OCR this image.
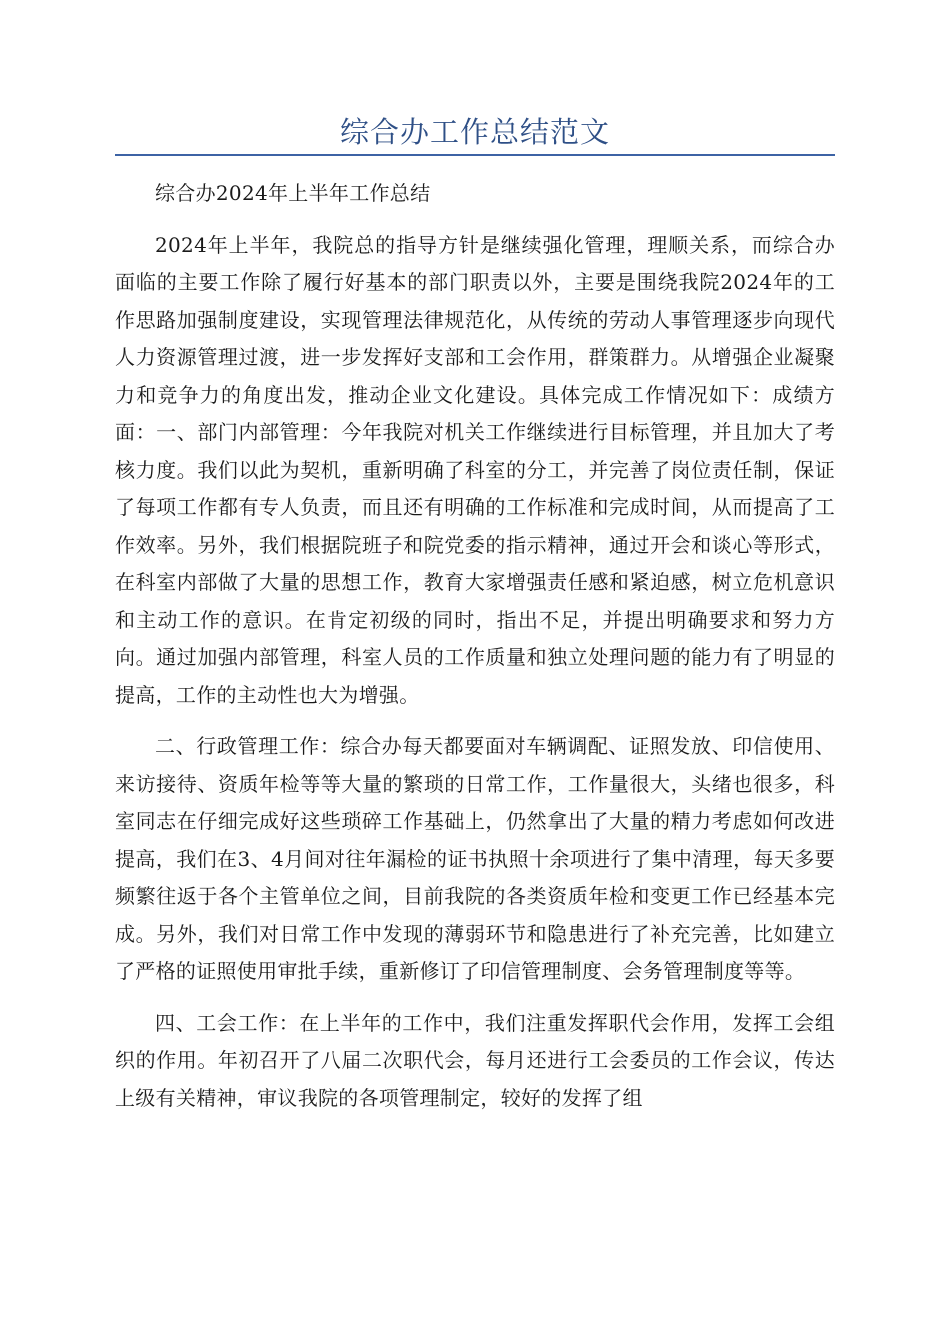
综合办工作总结范文

综合办2024年上半年工作总结

2024年上半年，我院总的指导方针是继续强化管理，理顺关系，而综合办面临的主要工作除了履行好基本的部门职责以外，主要是围绕我院2024年的工作思路加强制度建设，实现管理法律规范化，从传统的劳动人事管理逐步向现代人力资源管理过渡，进一步发挥好支部和工会作用，群策群力。从增强企业凝聚力和竞争力的角度出发，推动企业文化建设。具体完成工作情况如下：成绩方面：一、部门内部管理：今年我院对机关工作继续进行目标管理，并且加大了考核力度。我们以此为契机，重新明确了科室的分工，并完善了岗位责任制，保证了每项工作都有专人负责，而且还有明确的工作标准和完成时间，从而提高了工作效率。另外，我们根据院班子和院党委的指示精神，通过开会和谈心等形式，在科室内部做了大量的思想工作，教育大家增强责任感和紧迫感，树立危机意识和主动工作的意识。在肯定初级的同时，指出不足，并提出明确要求和努力方向。通过加强内部管理，科室人员的工作质量和独立处理问题的能力有了明显的提高，工作的主动性也大为增强。

二、行政管理工作：综合办每天都要面对车辆调配、证照发放、印信使用、来访接待、资质年检等等大量的繁琐的日常工作，工作量很大，头绪也很多，科室同志在仔细完成好这些琐碎工作基础上，仍然拿出了大量的精力考虑如何改进提高，我们在3、4月间对往年漏检的证书执照十余项进行了集中清理，每天多要频繁往返于各个主管单位之间，目前我院的各类资质年检和变更工作已经基本完成。另外，我们对日常工作中发现的薄弱环节和隐患进行了补充完善，比如建立了严格的证照使用审批手续，重新修订了印信管理制度、会务管理制度等等。

四、工会工作：在上半年的工作中，我们注重发挥职代会作用，发挥工会组织的作用。年初召开了八届二次职代会，每月还进行工会委员的工作会议，传达上级有关精神，审议我院的各项管理制定，较好的发挥了组
